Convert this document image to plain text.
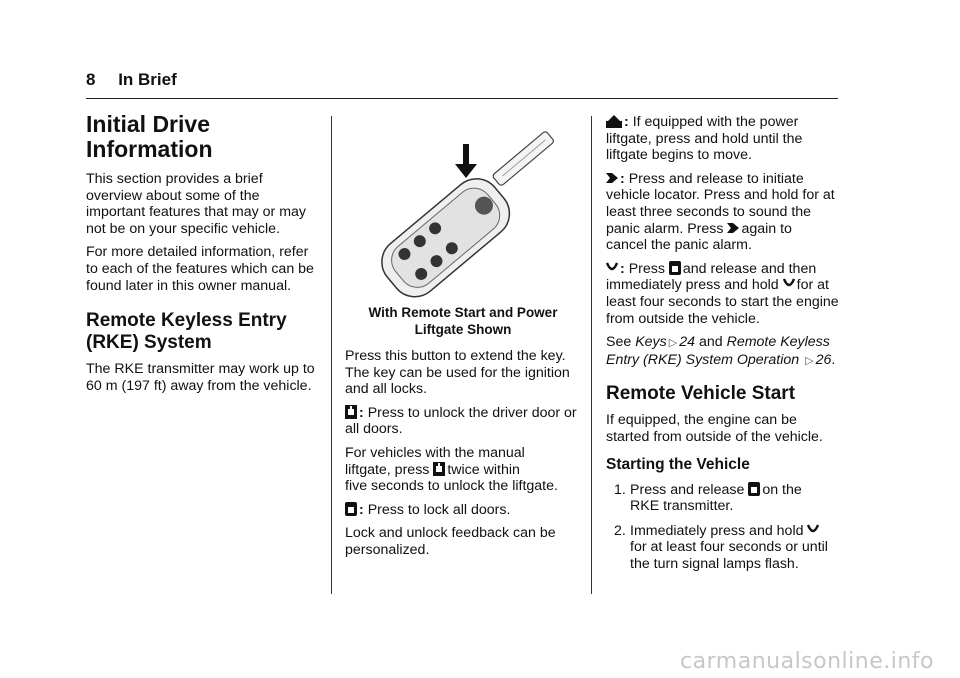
8 In Brief
Initial Drive Information

This section provides a brief overview about some of the important features that may or may not be on your specific vehicle.

For more detailed information, refer to each of the features which can be found later in this owner manual.

Remote Keyless Entry (RKE) System

The RKE transmitter may work up to 60 m (197 ft) away from the vehicle.

With Remote Start and Power
Liftgate Shown

Press this button to extend the key. The key can be used for the ignition and all locks.

: Press to unlock the driver door or all doors.

For vehicles with the manual
liftgate, press twice within
five seconds to unlock the liftgate.

: Press to lock all doors.

Lock and unlock feedback can be personalized.

: If equipped with the power liftgate, press and hold until the liftgate begins to move.

: Press and release to initiate vehicle locator. Press and hold for at least three seconds to sound the
panic alarm. Press again to
cancel the panic alarm.

: Press and release and then
immediately press and hold for at
least four seconds to start the engine from outside the vehicle.

See Keys ▷ 24 and Remote Keyless Entry (RKE) System Operation ▷ 26.

Remote Vehicle Start

If equipped, the engine can be started from outside of the vehicle.

Starting the Vehicle
1. Press and release on the
RKE transmitter.
2. Immediately press and hold

for at least four seconds or until the turn signal lamps flash.
carmanualsonline.info
